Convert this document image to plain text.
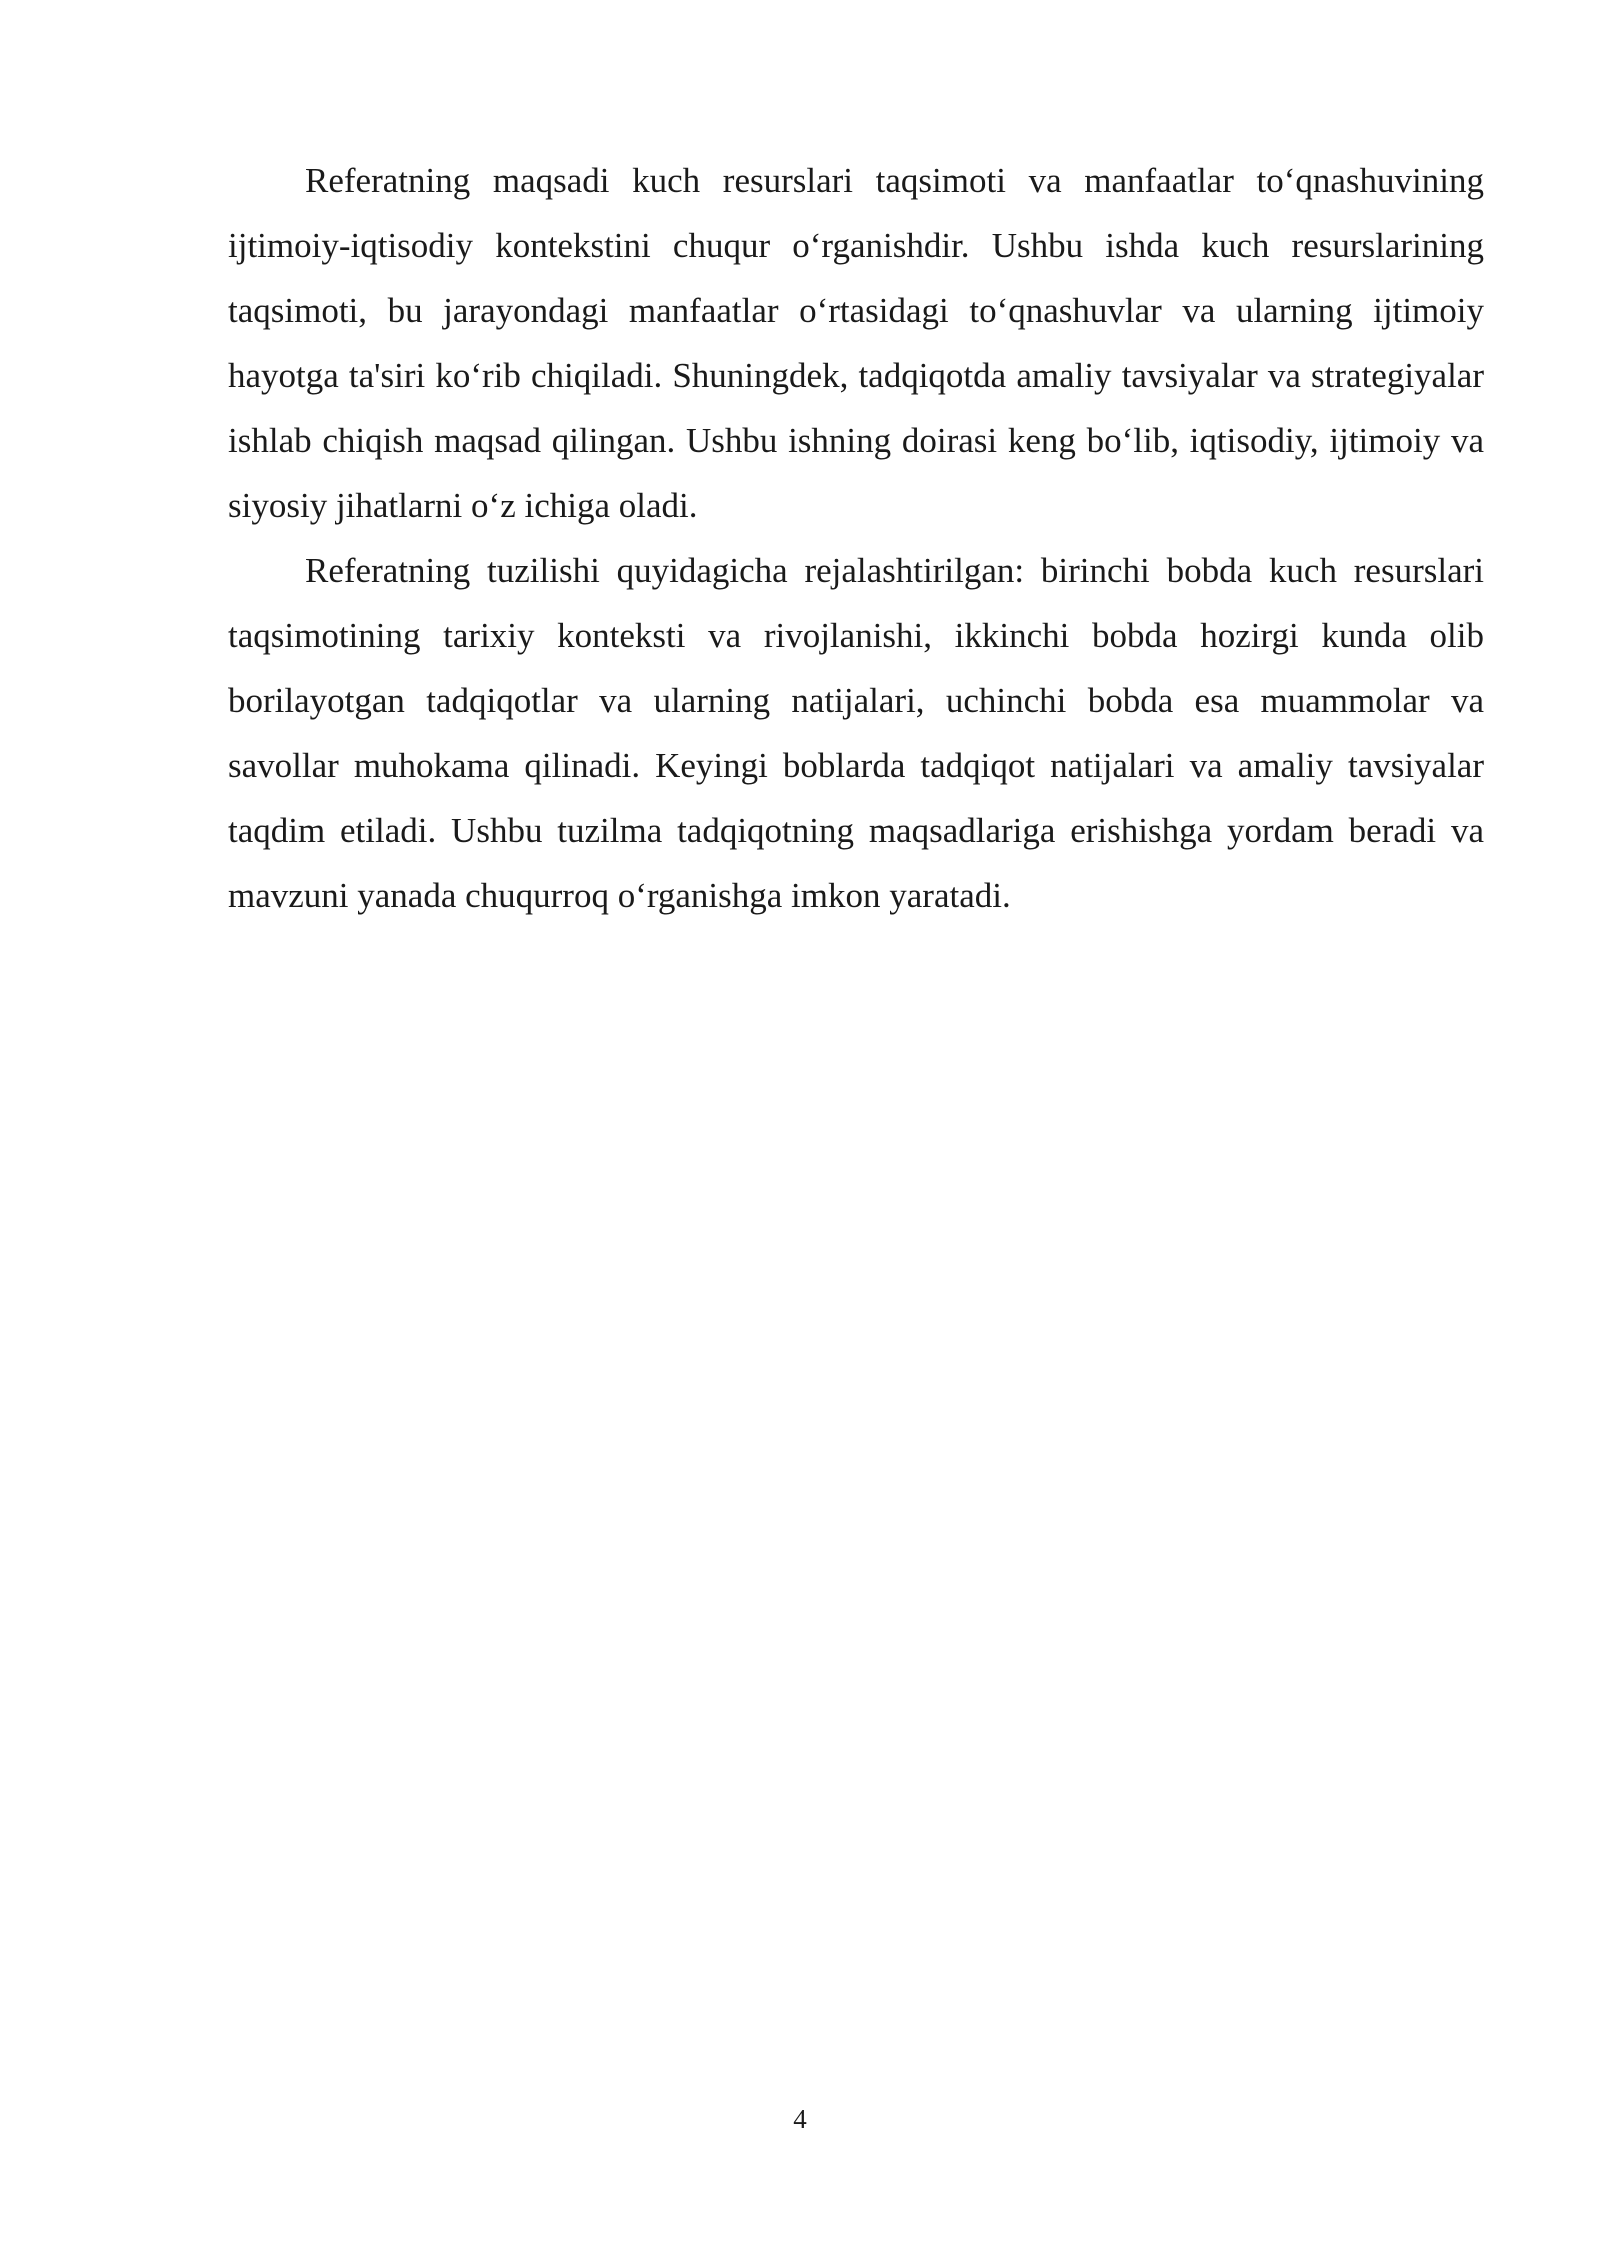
Referatning maqsadi kuch resurslari taqsimoti va manfaatlar to‘qnashuvining ijtimoiy-iqtisodiy kontekstini chuqur o‘rganishdir. Ushbu ishda kuch resurslarining taqsimoti, bu jarayondagi manfaatlar o‘rtasidagi to‘qnashuvlar va ularning ijtimoiy hayotga ta'siri ko‘rib chiqiladi. Shuningdek, tadqiqotda amaliy tavsiyalar va strategiyalar ishlab chiqish maqsad qilingan. Ushbu ishning doirasi keng bo‘lib, iqtisodiy, ijtimoiy va siyosiy jihatlarni o‘z ichiga oladi.

Referatning tuzilishi quyidagicha rejalashtirilgan: birinchi bobda kuch resurslari taqsimotining tarixiy konteksti va rivojlanishi, ikkinchi bobda hozirgi kunda olib borilayotgan tadqiqotlar va ularning natijalari, uchinchi bobda esa muammolar va savollar muhokama qilinadi. Keyingi boblarda tadqiqot natijalari va amaliy tavsiyalar taqdim etiladi. Ushbu tuzilma tadqiqotning maqsadlariga erishishga yordam beradi va mavzuni yanada chuqurroq o‘rganishga imkon yaratadi.

4
